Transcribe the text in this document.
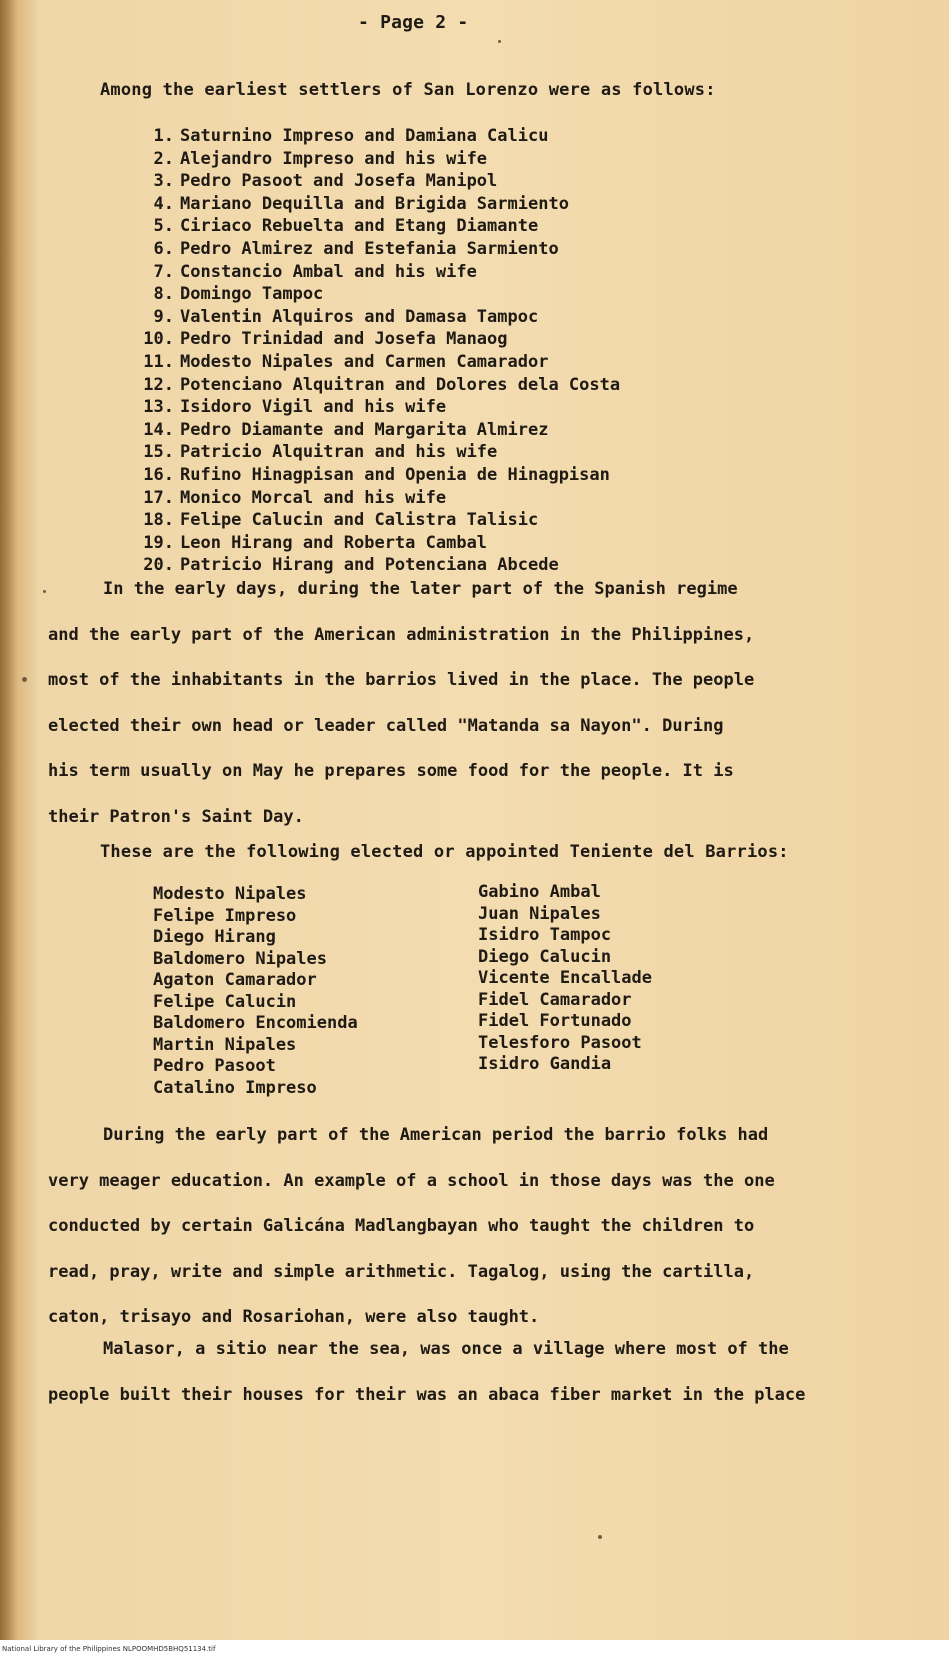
- Page 2 -
Among the earliest settlers of San Lorenzo were as follows:
1. Saturnino Impreso and Damiana Calicu
2. Alejandro Impreso and his wife
3. Pedro Pasoot and Josefa Manipol
4. Mariano Dequilla and Brigida Sarmiento
5. Ciriaco Rebuelta and Etang Diamante
6. Pedro Almirez and Estefania Sarmiento
7. Constancio Ambal and his wife
8. Domingo Tampoc
9. Valentin Alquiros and Damasa Tampoc
10. Pedro Trinidad and Josefa Manaog
11. Modesto Nipales and Carmen Camarador
12. Potenciano Alquitran and Dolores dela Costa
13. Isidoro Vigil and his wife
14. Pedro Diamante and Margarita Almirez
15. Patricio Alquitran and his wife
16. Rufino Hinagpisan and Openia de Hinagpisan
17. Monico Morcal and his wife
18. Felipe Calucin and Calistra Talisic
19. Leon Hirang and Roberta Cambal
20. Patricio Hirang and Potenciana Abcede
In the early days, during the later part of the Spanish regime
and the early part of the American administration in the Philippines,
most of the inhabitants in the barrios lived in the place. The people
elected their own head or leader called "Matanda sa Nayon". During
his term usually on May he prepares some food for the people. It is
their Patron's Saint Day.
These are the following elected or appointed Teniente del Barrios:
Modesto Nipales
Felipe Impreso
Diego Hirang
Baldomero Nipales
Agaton Camarador
Felipe Calucin
Baldomero Encomienda
Martin Nipales
Pedro Pasoot
Catalino Impreso
Gabino Ambal
Juan Nipales
Isidro Tampoc
Diego Calucin
Vicente Encallade
Fidel Camarador
Fidel Fortunado
Telesforo Pasoot
Isidro Gandia
During the early part of the American period the barrio folks had
very meager education. An example of a school in those days was the one
conducted by certain Galicána Madlangbayan who taught the children to
read, pray, write and simple arithmetic. Tagalog, using the cartilla,
caton, trisayo and Rosariohan, were also taught.
Malasor, a sitio near the sea, was once a village where most of the
people built their houses for their was an abaca fiber market in the place
National Library of the Philippines NLPOOMHD5BHQ51134.tif
